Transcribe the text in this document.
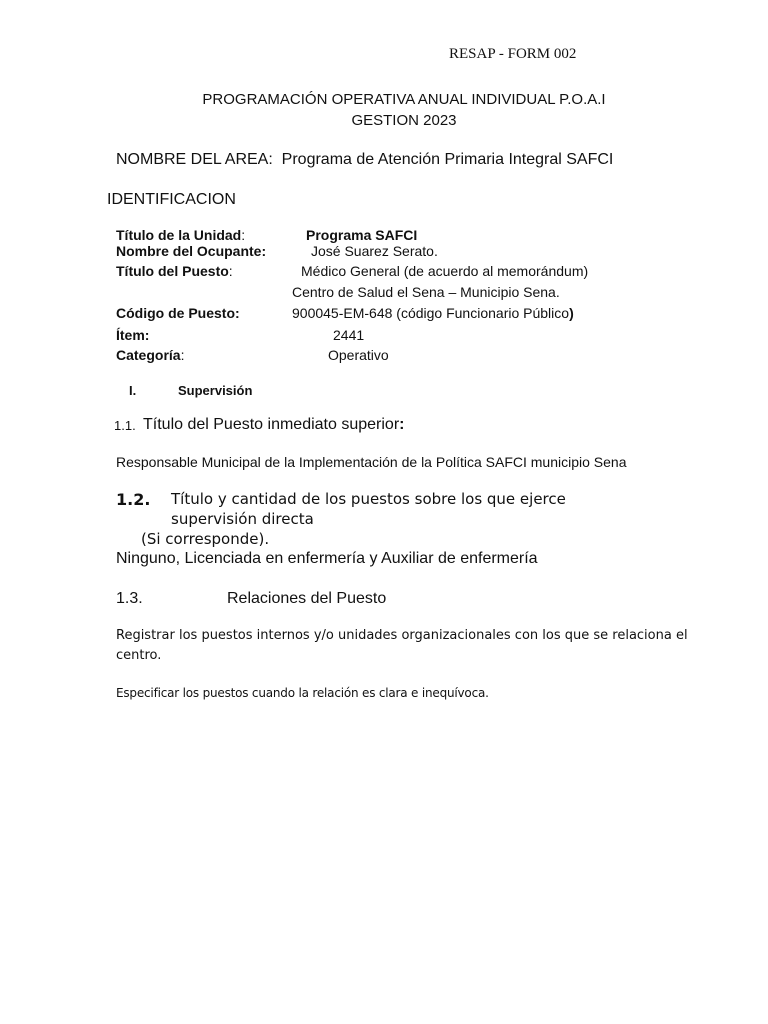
RESAP - FORM 002
PROGRAMACIÓN OPERATIVA ANUAL INDIVIDUAL P.O.A.I
GESTION 2023
NOMBRE DEL AREA: Programa de Atención Primaria Integral SAFCI
IDENTIFICACION
Título de la Unidad:	Programa SAFCI
Nombre del Ocupante:	José Suarez Serato.
Título del Puesto:	Médico General (de acuerdo al memorándum)
Centro de Salud el Sena – Municipio Sena.
Código de Puesto:	900045-EM-648 (código Funcionario Público)
Ítem:	2441
Categoría:	Operativo
I.	Supervisión
1.1. Título del Puesto inmediato superior:
Responsable Municipal de la Implementación de la Política SAFCI municipio Sena
1.2. Título y cantidad de los puestos sobre los que ejerce
supervisión directa
(Si corresponde).
Ninguno, Licenciada en enfermería y Auxiliar de enfermería
1.3.	Relaciones del Puesto
Registrar los puestos internos y/o unidades organizacionales con los que se relaciona el
centro.
Especificar los puestos cuando la relación es clara e inequívoca.
